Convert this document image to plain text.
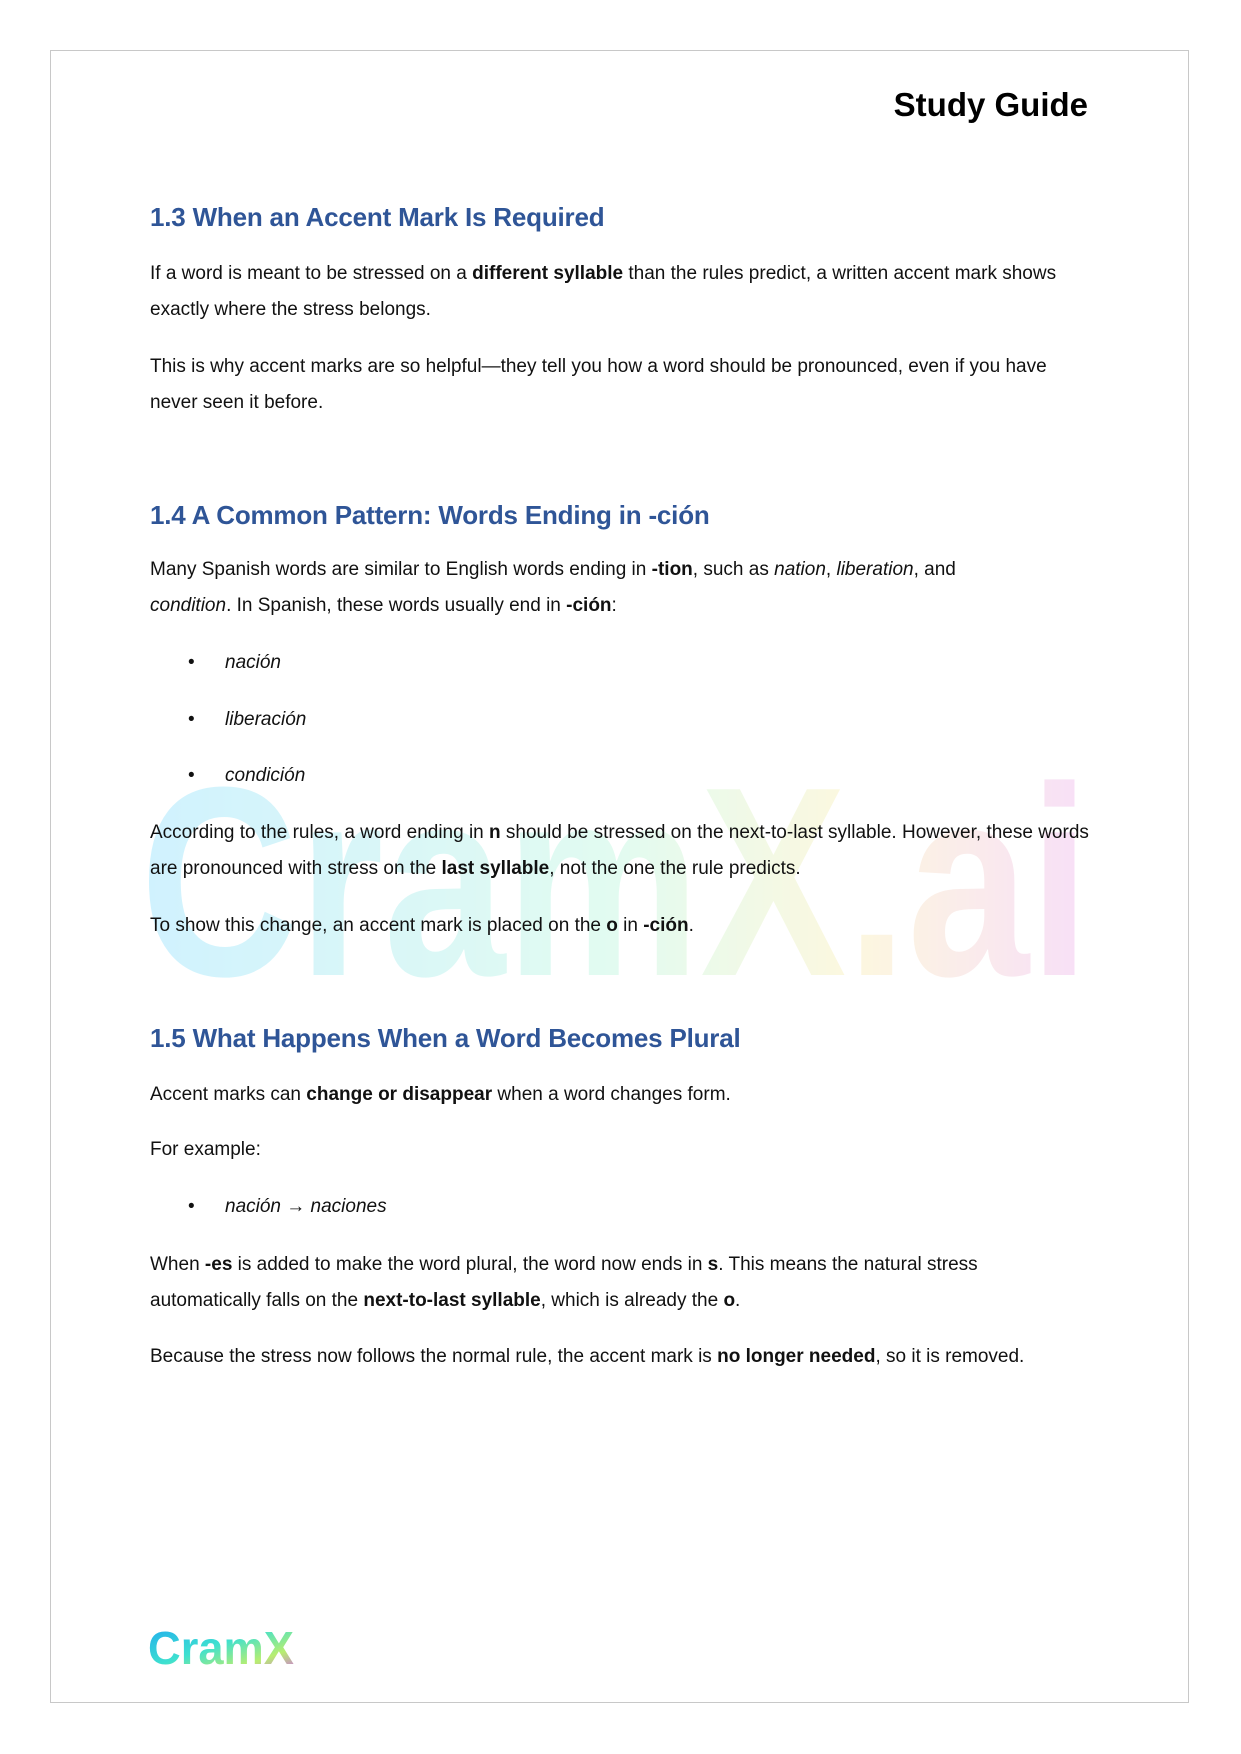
CramX.ai
Study Guide
1.3 When an Accent Mark Is Required
If a word is meant to be stressed on a different syllable than the rules predict, a written accent mark shows exactly where the stress belongs.
This is why accent marks are so helpful—they tell you how a word should be pronounced, even if you have never seen it before.
1.4 A Common Pattern: Words Ending in -ción
Many Spanish words are similar to English words ending in -tion, such as nation, liberation, and
condition. In Spanish, these words usually end in -ción:
• nación
• liberación
• condición
According to the rules, a word ending in n should be stressed on the next-to-last syllable. However, these words are pronounced with stress on the last syllable, not the one the rule predicts.
To show this change, an accent mark is placed on the o in -ción.
1.5 What Happens When a Word Becomes Plural
Accent marks can change or disappear when a word changes form.
For example:
• nación → naciones
When -es is added to make the word plural, the word now ends in s. This means the natural stress automatically falls on the next-to-last syllable, which is already the o.
Because the stress now follows the normal rule, the accent mark is no longer needed, so it is removed.
CramX
